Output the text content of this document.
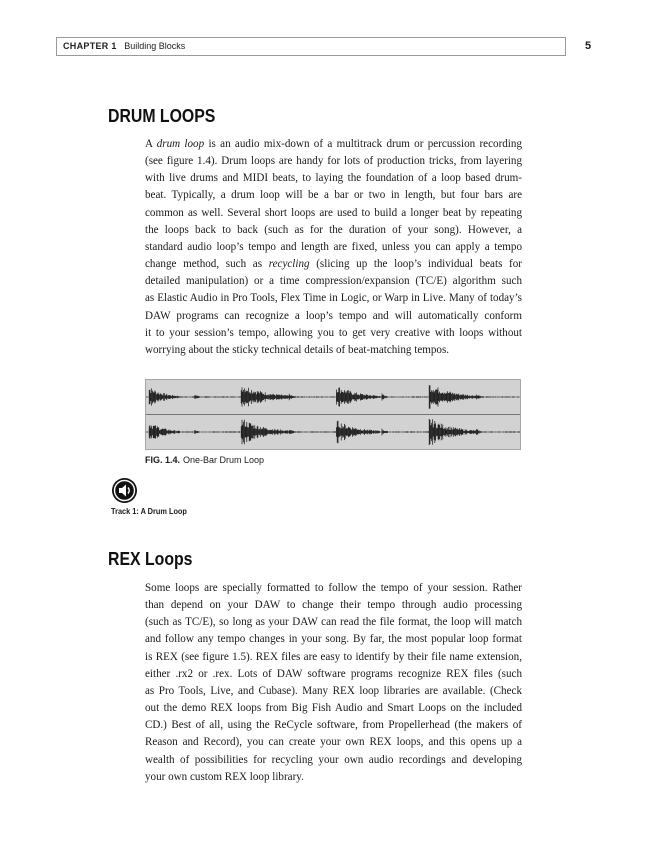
CHAPTER 1 Building Blocks	5
DRUM LOOPS
A drum loop is an audio mix-down of a multitrack drum or percussion recording
(see figure 1.4). Drum loops are handy for lots of production tricks, from layering
with live drums and MIDI beats, to laying the foundation of a loop based drum-
beat. Typically, a drum loop will be a bar or two in length, but four bars are
common as well. Several short loops are used to build a longer beat by repeating
the loops back to back (such as for the duration of your song). However, a
standard audio loop’s tempo and length are fixed, unless you can apply a tempo
change method, such as recycling (slicing up the loop’s individual beats for
detailed manipulation) or a time compression/expansion (TC/E) algorithm such
as Elastic Audio in Pro Tools, Flex Time in Logic, or Warp in Live. Many of today’s
DAW programs can recognize a loop’s tempo and will automatically conform
it to your session’s tempo, allowing you to get very creative with loops without
worrying about the sticky technical details of beat-matching tempos.
FIG. 1.4. One-Bar Drum Loop
Track 1: A Drum Loop
REX Loops
Some loops are specially formatted to follow the tempo of your session. Rather
than depend on your DAW to change their tempo through audio processing
(such as TC/E), so long as your DAW can read the file format, the loop will match
and follow any tempo changes in your song. By far, the most popular loop format
is REX (see figure 1.5). REX files are easy to identify by their file name extension,
either .rx2 or .rex. Lots of DAW software programs recognize REX files (such
as Pro Tools, Live, and Cubase). Many REX loop libraries are available. (Check
out the demo REX loops from Big Fish Audio and Smart Loops on the included
CD.) Best of all, using the ReCycle software, from Propellerhead (the makers of
Reason and Record), you can create your own REX loops, and this opens up a
wealth of possibilities for recycling your own audio recordings and developing
your own custom REX loop library.
